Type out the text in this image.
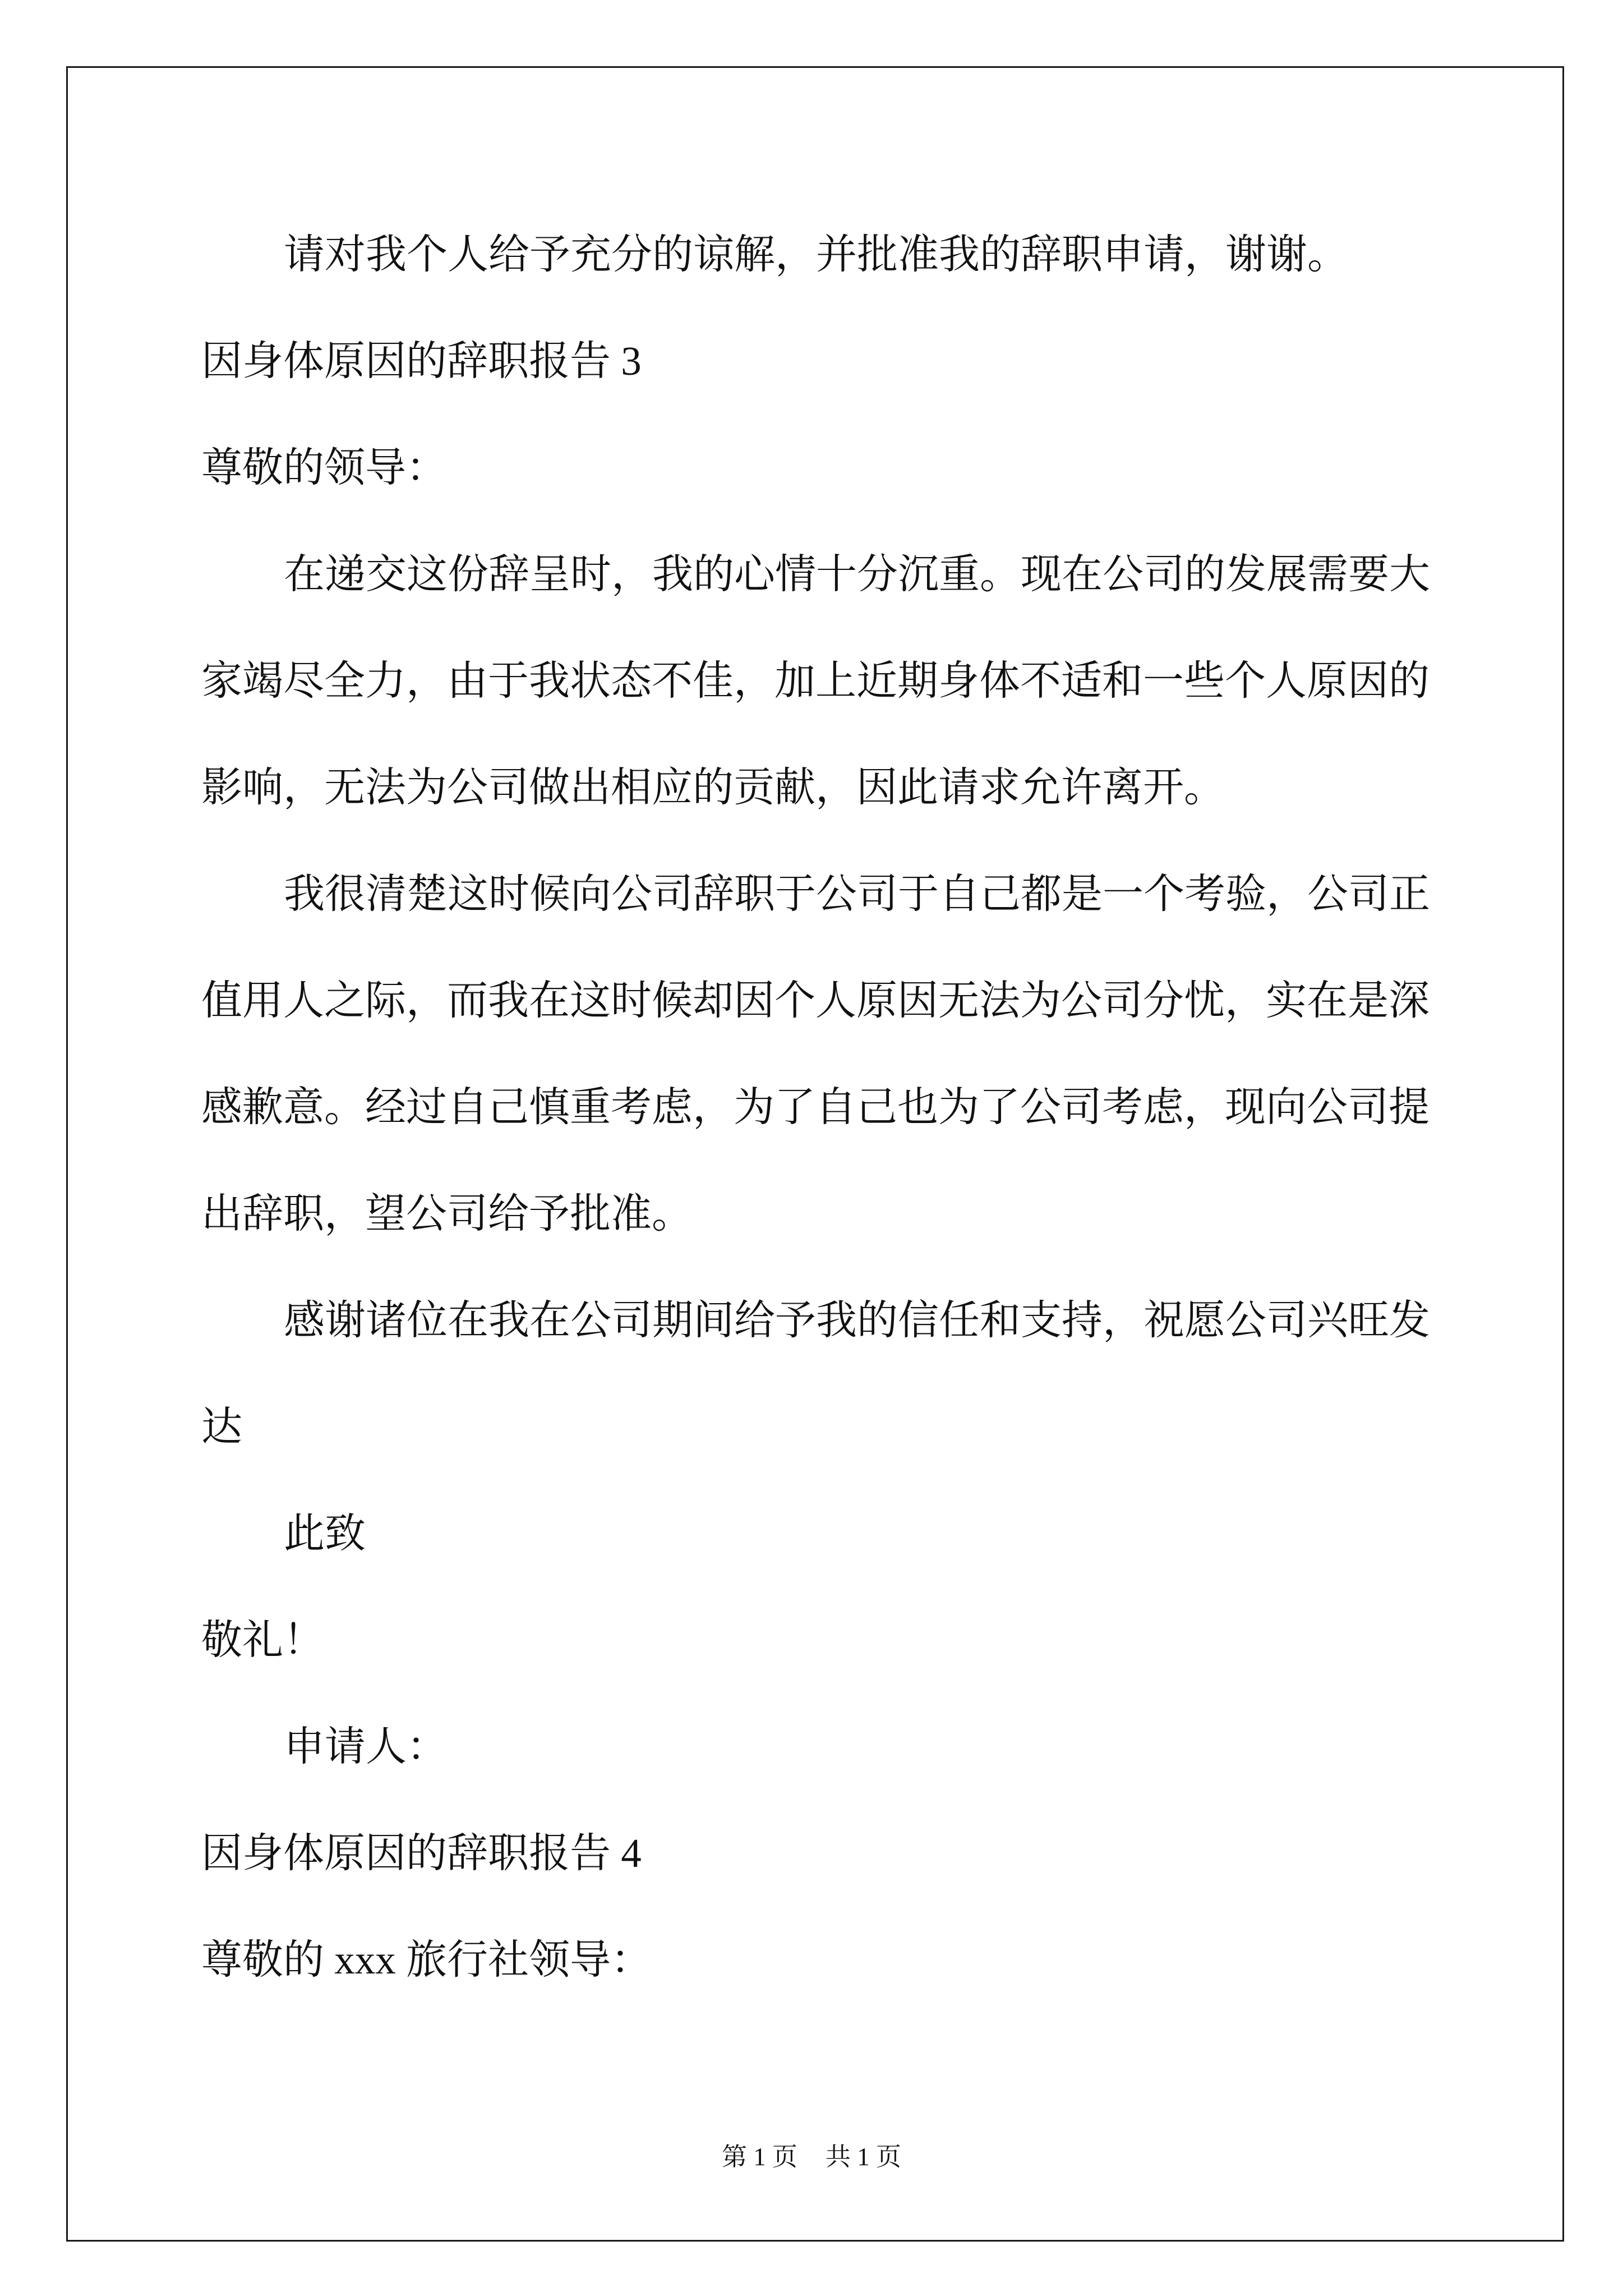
请对我个人给予充分的谅解，并批准我的辞职申请，谢谢。
因身体原因的辞职报告 3
尊敬的领导：
在递交这份辞呈时，我的心情十分沉重。现在公司的发展需要大
家竭尽全力，由于我状态不佳，加上近期身体不适和一些个人原因的
影响，无法为公司做出相应的贡献，因此请求允许离开。
我很清楚这时候向公司辞职于公司于自己都是一个考验，公司正
值用人之际，而我在这时候却因个人原因无法为公司分忧，实在是深
感歉意。经过自己慎重考虑，为了自己也为了公司考虑，现向公司提
出辞职，望公司给予批准。
感谢诸位在我在公司期间给予我的信任和支持，祝愿公司兴旺发
达
此致
敬礼！
申请人：
因身体原因的辞职报告 4
尊敬的 xxx 旅行社领导：
第 1 页 共 1 页
